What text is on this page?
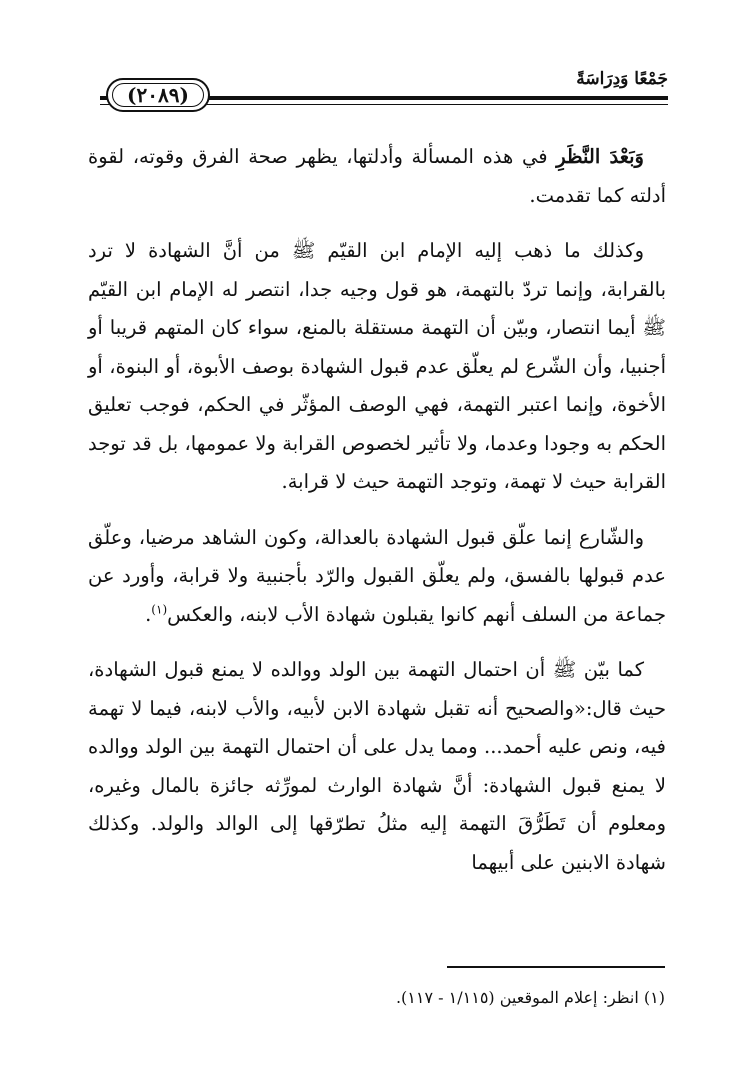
جَمْعًا وَدِرَاسَةً
(٢٠٨٩)

وَبَعْدَ النَّظَرِ في هذه المسألة وأدلتها، يظهر صحة الفرق وقوته، لقوة أدلته كما تقدمت.

وكذلك ما ذهب إليه الإمام ابن القيّم ﷺ من أنَّ الشهادة لا ترد بالقرابة، وإنما تردّ بالتهمة، هو قول وجيه جدا، انتصر له الإمام ابن القيّم ﷺ أيما انتصار، وبيّن أن التهمة مستقلة بالمنع، سواء كان المتهم قريبا أو أجنبيا، وأن الشّرع لم يعلّق عدم قبول الشهادة بوصف الأبوة، أو البنوة، أو الأخوة، وإنما اعتبر التهمة، فهي الوصف المؤثّر في الحكم، فوجب تعليق الحكم به وجودا وعدما، ولا تأثير لخصوص القرابة ولا عمومها، بل قد توجد القرابة حيث لا تهمة، وتوجد التهمة حيث لا قرابة.

والشّارع إنما علّق قبول الشهادة بالعدالة، وكون الشاهد مرضيا، وعلّق عدم قبولها بالفسق، ولم يعلّق القبول والرّد بأجنبية ولا قرابة، وأورد عن جماعة من السلف أنهم كانوا يقبلون شهادة الأب لابنه، والعكس$^{(١)}$.

كما بيّن ﷺ أن احتمال التهمة بين الولد ووالده لا يمنع قبول الشهادة، حيث قال:«والصحيح أنه تقبل شهادة الابن لأبيه، والأب لابنه، فيما لا تهمة فيه، ونص عليه أحمد... ومما يدل على أن احتمال التهمة بين الولد ووالده لا يمنع قبول الشهادة: أنَّ شهادة الوارث لمورِّثه جائزة بالمال وغيره، ومعلوم أن تَطَرُّقَ التهمة إليه مثلُ تطرّقها إلى الوالد والولد. وكذلك شهادة الابنين على أبيهما

(١) انظر: إعلام الموقعين (١/١١٥ - ١١٧).
